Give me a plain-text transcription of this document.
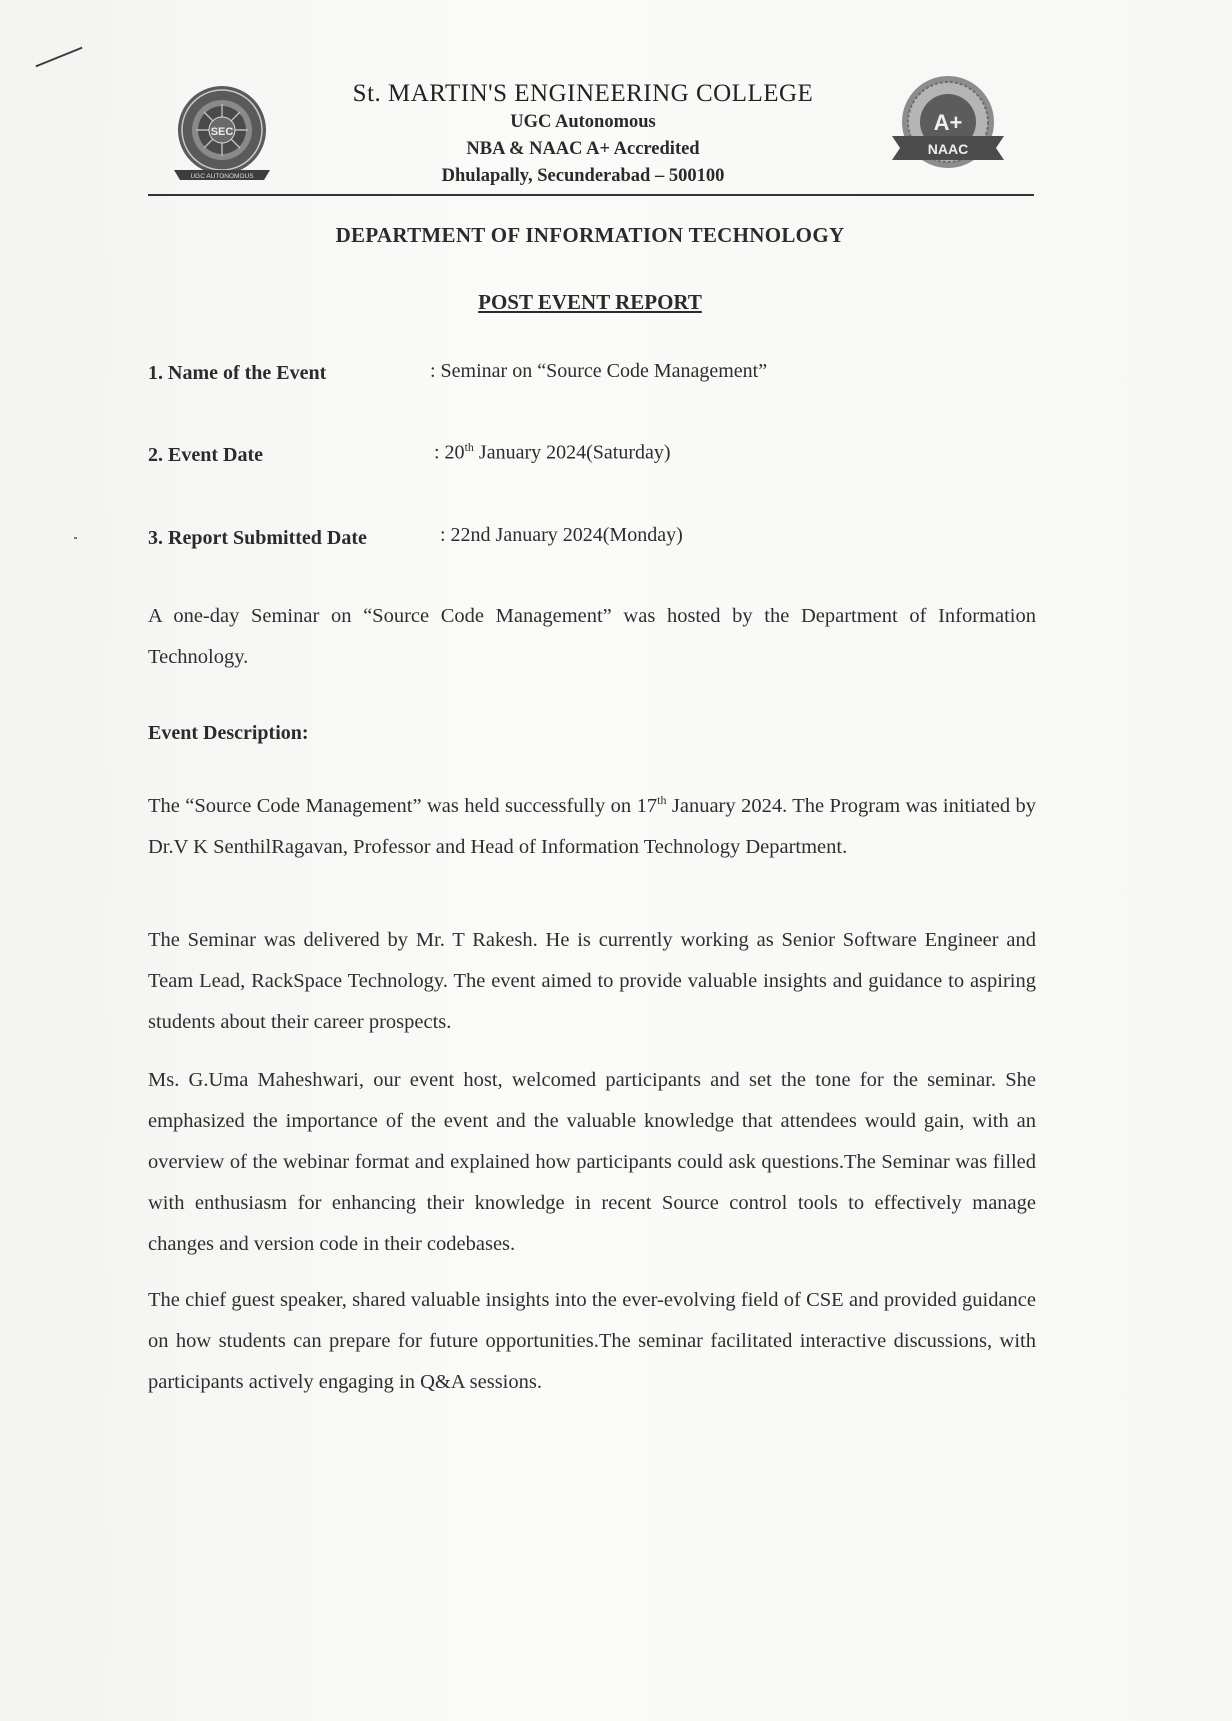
SEC
UGC AUTONOMOUS
St. MARTIN'S ENGINEERING COLLEGE
UGC Autonomous
NBA & NAAC A+ Accredited
Dhulapally, Secunderabad – 500100
A+
NAAC
DEPARTMENT OF INFORMATION TECHNOLOGY
POST EVENT REPORT
1. Name of the Event	: Seminar on “Source Code Management”
2. Event Date	: 20th January 2024(Saturday)
3. Report Submitted Date	: 22nd January 2024(Monday)
A one-day Seminar on “Source Code Management” was hosted by the Department of Information Technology.
Event Description:
The “Source Code Management” was held successfully on 17th January 2024. The Program was initiated by Dr.V K SenthilRagavan, Professor and Head of Information Technology Department.
The Seminar was delivered by Mr. T Rakesh. He is currently working as Senior Software Engineer and Team Lead, RackSpace Technology. The event aimed to provide valuable insights and guidance to aspiring students about their career prospects.
Ms. G.Uma Maheshwari, our event host, welcomed participants and set the tone for the seminar. She emphasized the importance of the event and the valuable knowledge that attendees would gain, with an overview of the webinar format and explained how participants could ask questions.The Seminar was filled with enthusiasm for enhancing their knowledge in recent Source control tools to effectively manage changes and version code in their codebases.
The chief guest speaker, shared valuable insights into the ever-evolving field of CSE and provided guidance on how students can prepare for future opportunities.The seminar facilitated interactive discussions, with participants actively engaging in Q&A sessions.
